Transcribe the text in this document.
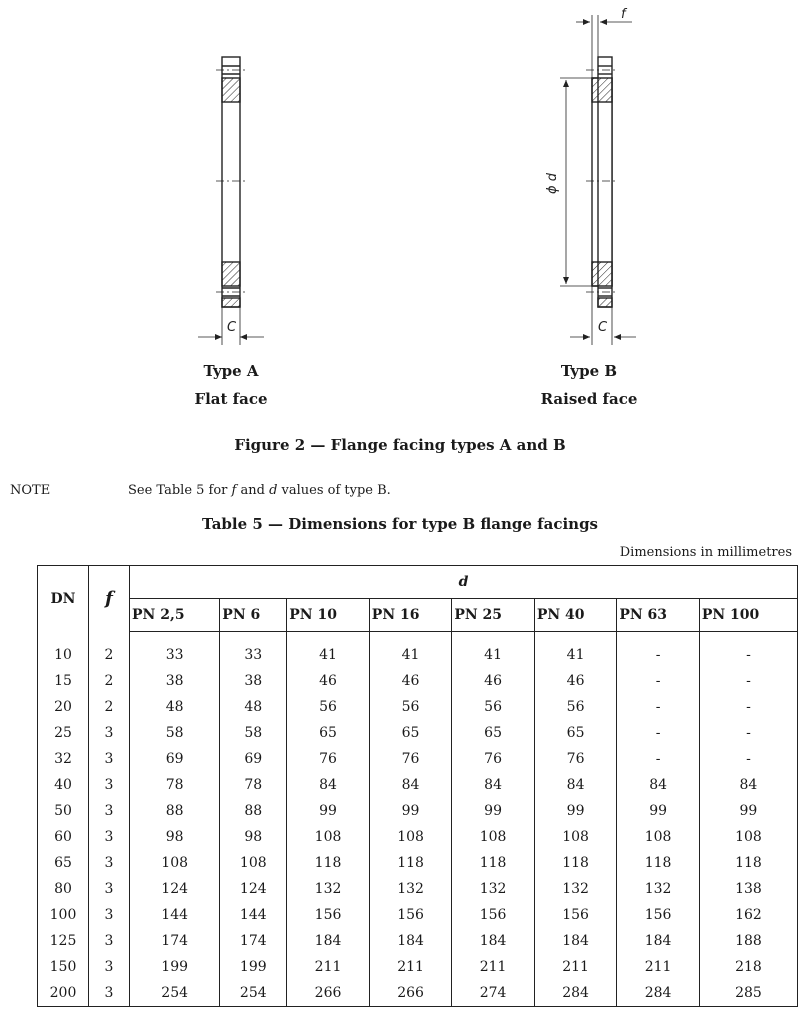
C
f
ϕ d
C
Type A
Flat face
Type B
Raised face
Figure 2 — Flange facing types A and B
NOTE	See Table 5 for f and d values of type B.
Table 5 — Dimensions for type B flange facings
Dimensions in millimetres
DN	f	d							
		PN 2,5	PN 6	PN 10	PN 16	PN 25	PN 40	PN 63	PN 100
10	2	33	33	41	41	41	41	-	-
15	2	38	38	46	46	46	46	-	-
20	2	48	48	56	56	56	56	-	-
25	3	58	58	65	65	65	65	-	-
32	3	69	69	76	76	76	76	-	-
40	3	78	78	84	84	84	84	84	84
50	3	88	88	99	99	99	99	99	99
60	3	98	98	108	108	108	108	108	108
65	3	108	108	118	118	118	118	118	118
80	3	124	124	132	132	132	132	132	138
100	3	144	144	156	156	156	156	156	162
125	3	174	174	184	184	184	184	184	188
150	3	199	199	211	211	211	211	211	218
200	3	254	254	266	266	274	284	284	285
